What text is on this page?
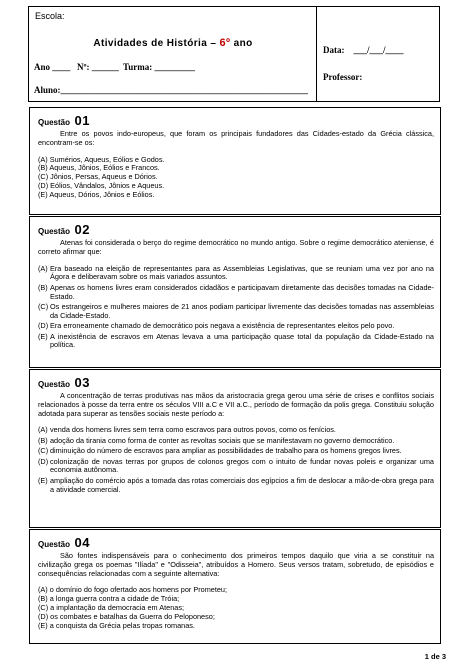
Escola:
Atividades de História – 6º ano
Ano ____   Nº: ______  Turma: _________
Aluno:_______________________________________________________
Data:    ___/___/____
Professor:
Questão 01

Entre os povos indo-europeus, que foram os principais fundadores das Cidades-estado da Grécia clássica, encontram-se os:

(A) Sumérios, Aqueus, Eólios e Godos.

(B) Aqueus, Jônios, Eólios e Francos.

(C) Jônios, Persas, Aqueus e Dórios.

(D) Eólios, Vândalos, Jônios e Aqueus.

(E) Aqueus, Dórios, Jônios e Eólios.

Questão 02

Atenas foi considerada o berço do regime democrático no mundo antigo. Sobre o regime democrático ateniense, é correto afirmar que:

(A) Era baseado na eleição de representantes para as Assembleias Legislativas, que se reuniam uma vez por ano na Ágora e deliberavam sobre os mais variados assuntos.
(B) Apenas os homens livres eram considerados cidadãos e participavam diretamente das decisões tomadas na Cidade-Estado.
(C) Os estrangeiros e mulheres maiores de 21 anos podiam participar livremente das decisões tomadas nas assembleias da Cidade-Estado.
(D) Era erroneamente chamado de democrático pois negava a existência de representantes eleitos pelo povo.
(E) A inexistência de escravos em Atenas levava a uma participação quase total da população da Cidade-Estado na política.
Questão 03

A concentração de terras produtivas nas mãos da aristocracia grega gerou uma série de crises e conflitos sociais relacionados à posse da terra entre os séculos VIII a.C e VII a.C., período de formação da polis grega. Constituiu solução adotada para superar as tensões sociais neste período a:

(A) venda dos homens livres sem terra como escravos para outros povos, como os fenícios.
(B) adoção da tirania como forma de conter as revoltas sociais que se manifestavam no governo democrático.
(C) diminuição do número de escravos para ampliar as possibilidades de trabalho para os homens gregos livres.
(D) colonização de novas terras por grupos de colonos gregos com o intuito de fundar novas poleis e organizar uma economia autônoma.
(E) ampliação do comércio após a tomada das rotas comerciais dos egípcios a fim de deslocar a mão-de-obra grega para a atividade comercial.
Questão 04

São fontes indispensáveis para o conhecimento dos primeiros tempos daquilo que viria a se constituir na civilização grega os poemas "Ilíada" e "Odisseia", atribuídos a Homero. Seus versos tratam, sobretudo, de episódios e consequências relacionadas com a seguinte alternativa:

(A) o domínio do fogo ofertado aos homens por Prometeu;

(B) a longa guerra contra a cidade de Tróia;

(C) a implantação da democracia em Atenas;

(D) os combates e batalhas da Guerra do Peloponeso;

(E) a conquista da Grécia pelas tropas romanas.

1 de 3
